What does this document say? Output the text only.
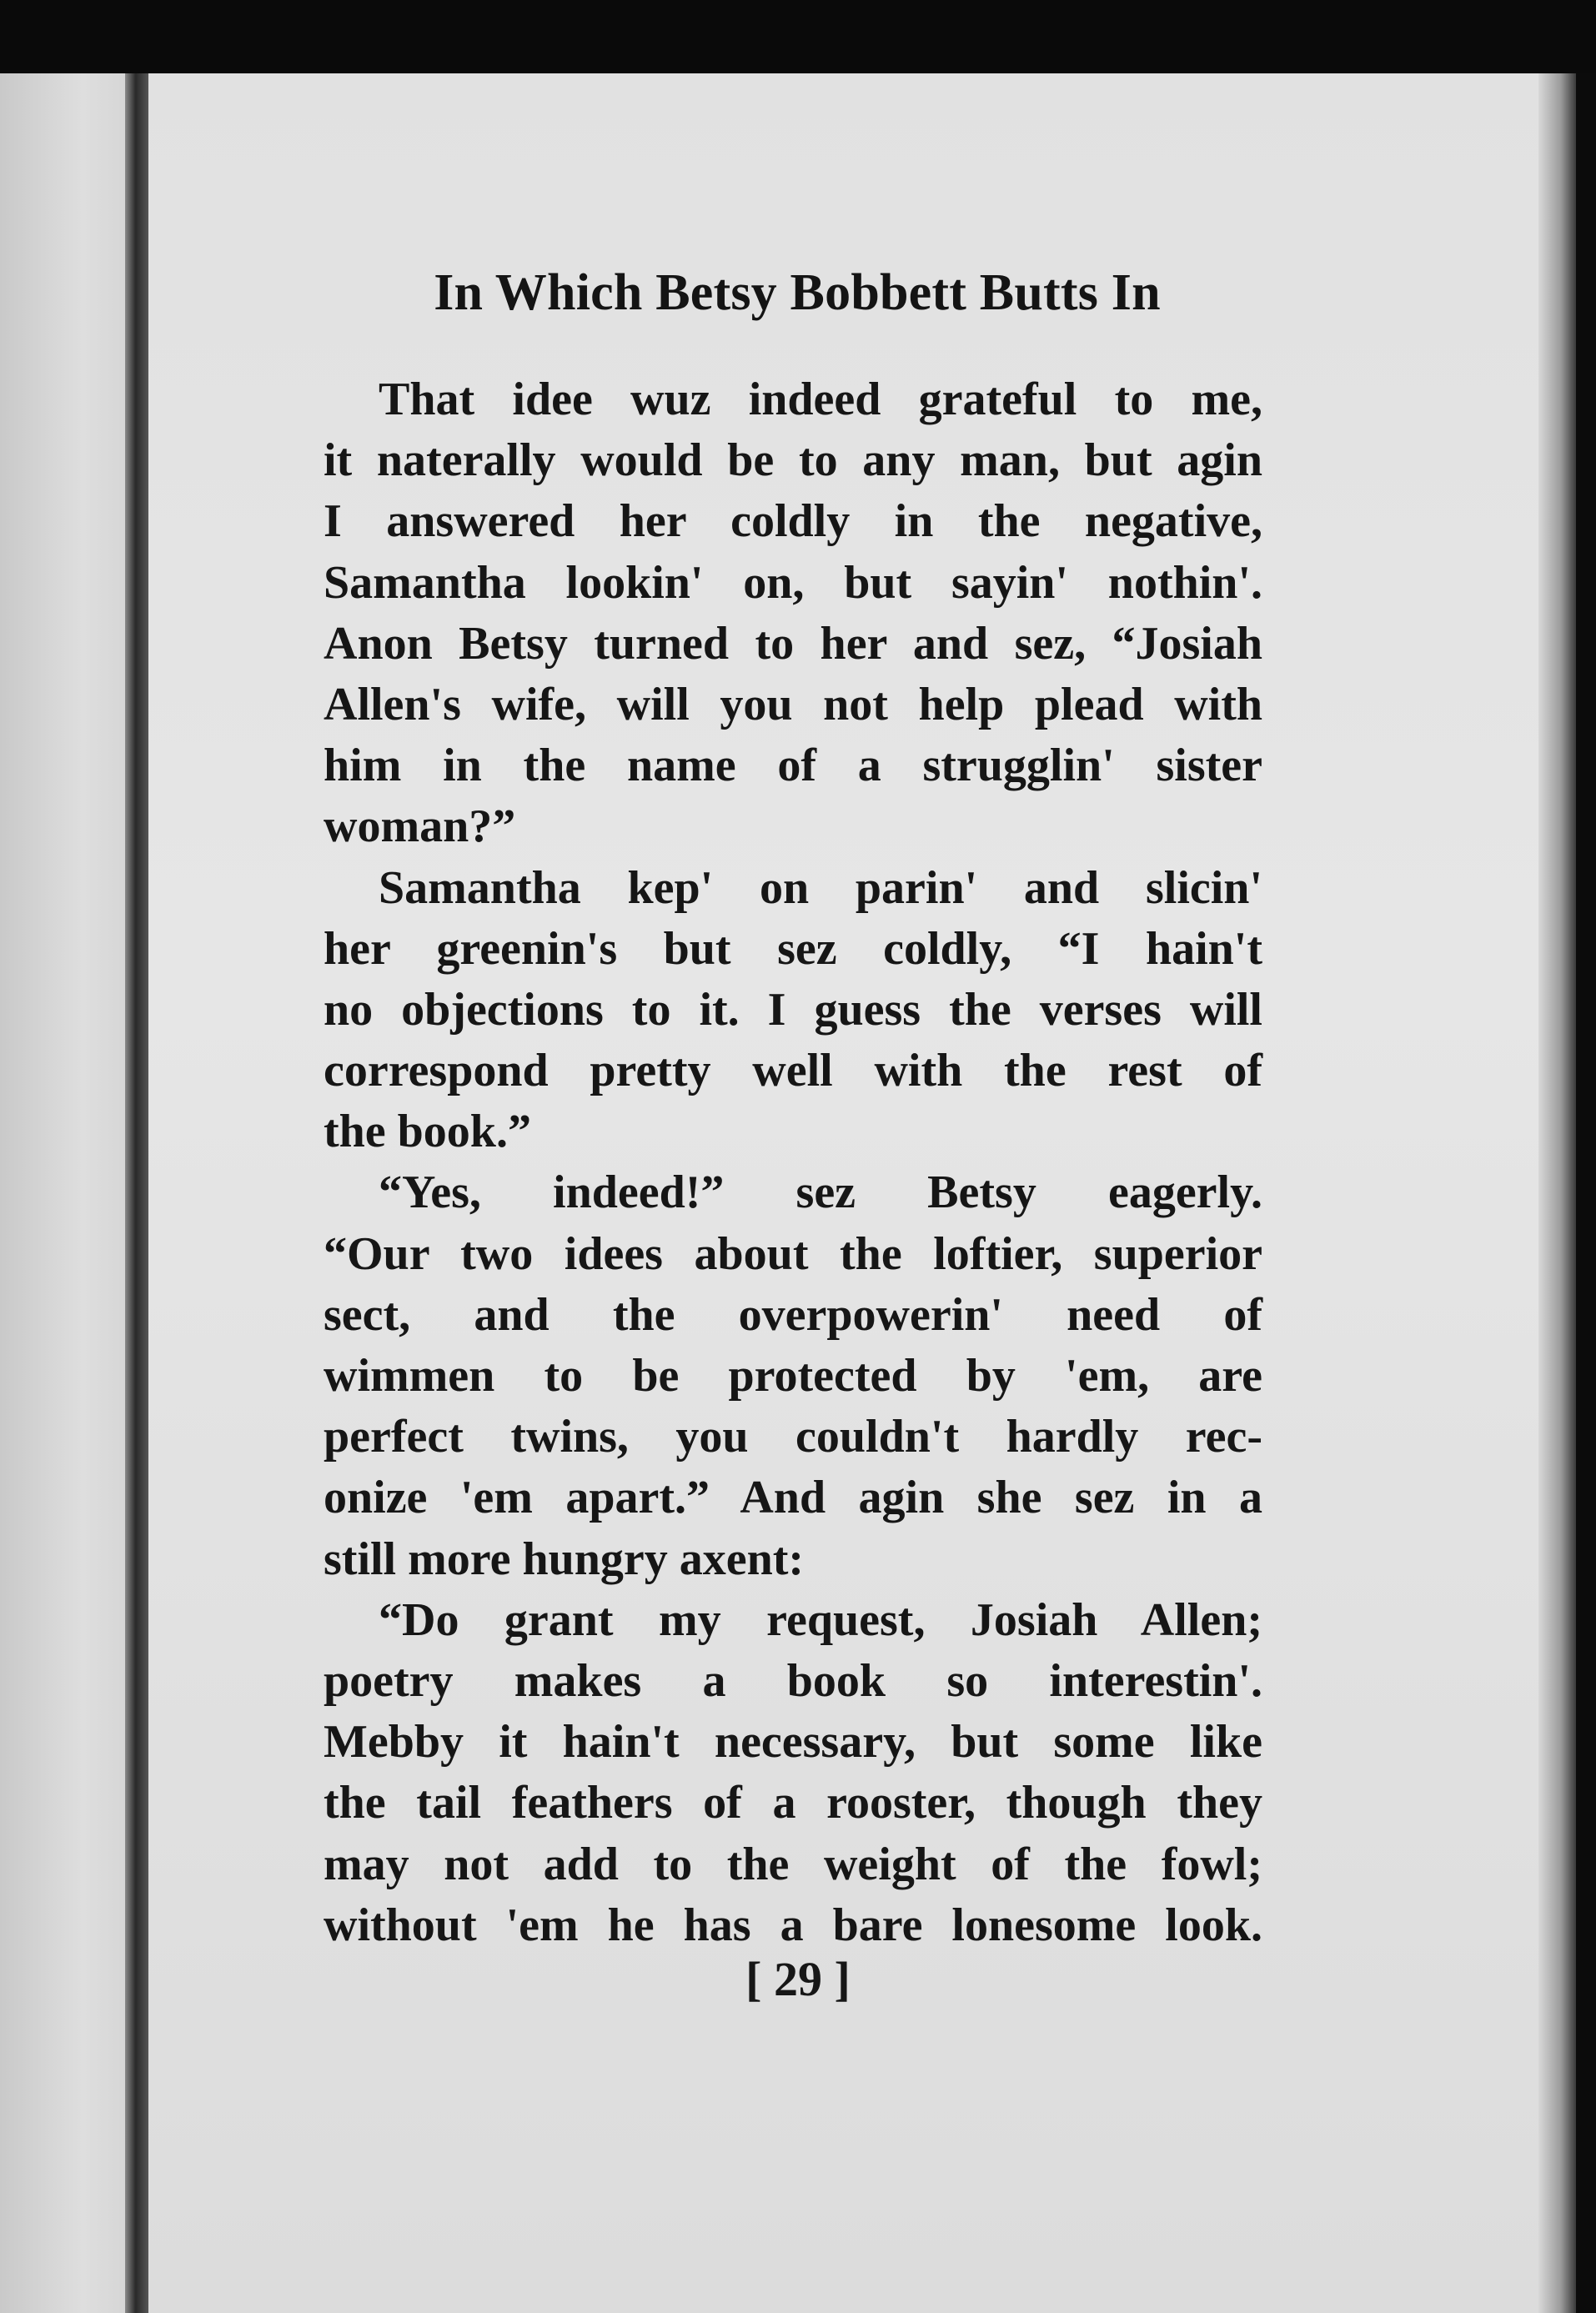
In Which Betsy Bobbett Butts In
That idee wuz indeed grateful to me,
it naterally would be to any man, but agin
I answered her coldly in the negative,
Samantha lookin' on, but sayin' nothin'.
Anon Betsy turned to her and sez, “Josiah
Allen's wife, will you not help plead with
him in the name of a strugglin' sister
woman?”
Samantha kep' on parin' and slicin'
her greenin's but sez coldly, “I hain't
no objections to it. I guess the verses will
correspond pretty well with the rest of
the book.”
“Yes, indeed!” sez Betsy eagerly.
“Our two idees about the loftier, superior
sect, and the overpowerin' need of
wimmen to be protected by 'em, are
perfect twins, you couldn't hardly rec-
onize 'em apart.” And agin she sez in a
still more hungry axent:
“Do grant my request, Josiah Allen;
poetry makes a book so interestin'.
Mebby it hain't necessary, but some like
the tail feathers of a rooster, though they
may not add to the weight of the fowl;
without 'em he has a bare lonesome look.
[ 29 ]
